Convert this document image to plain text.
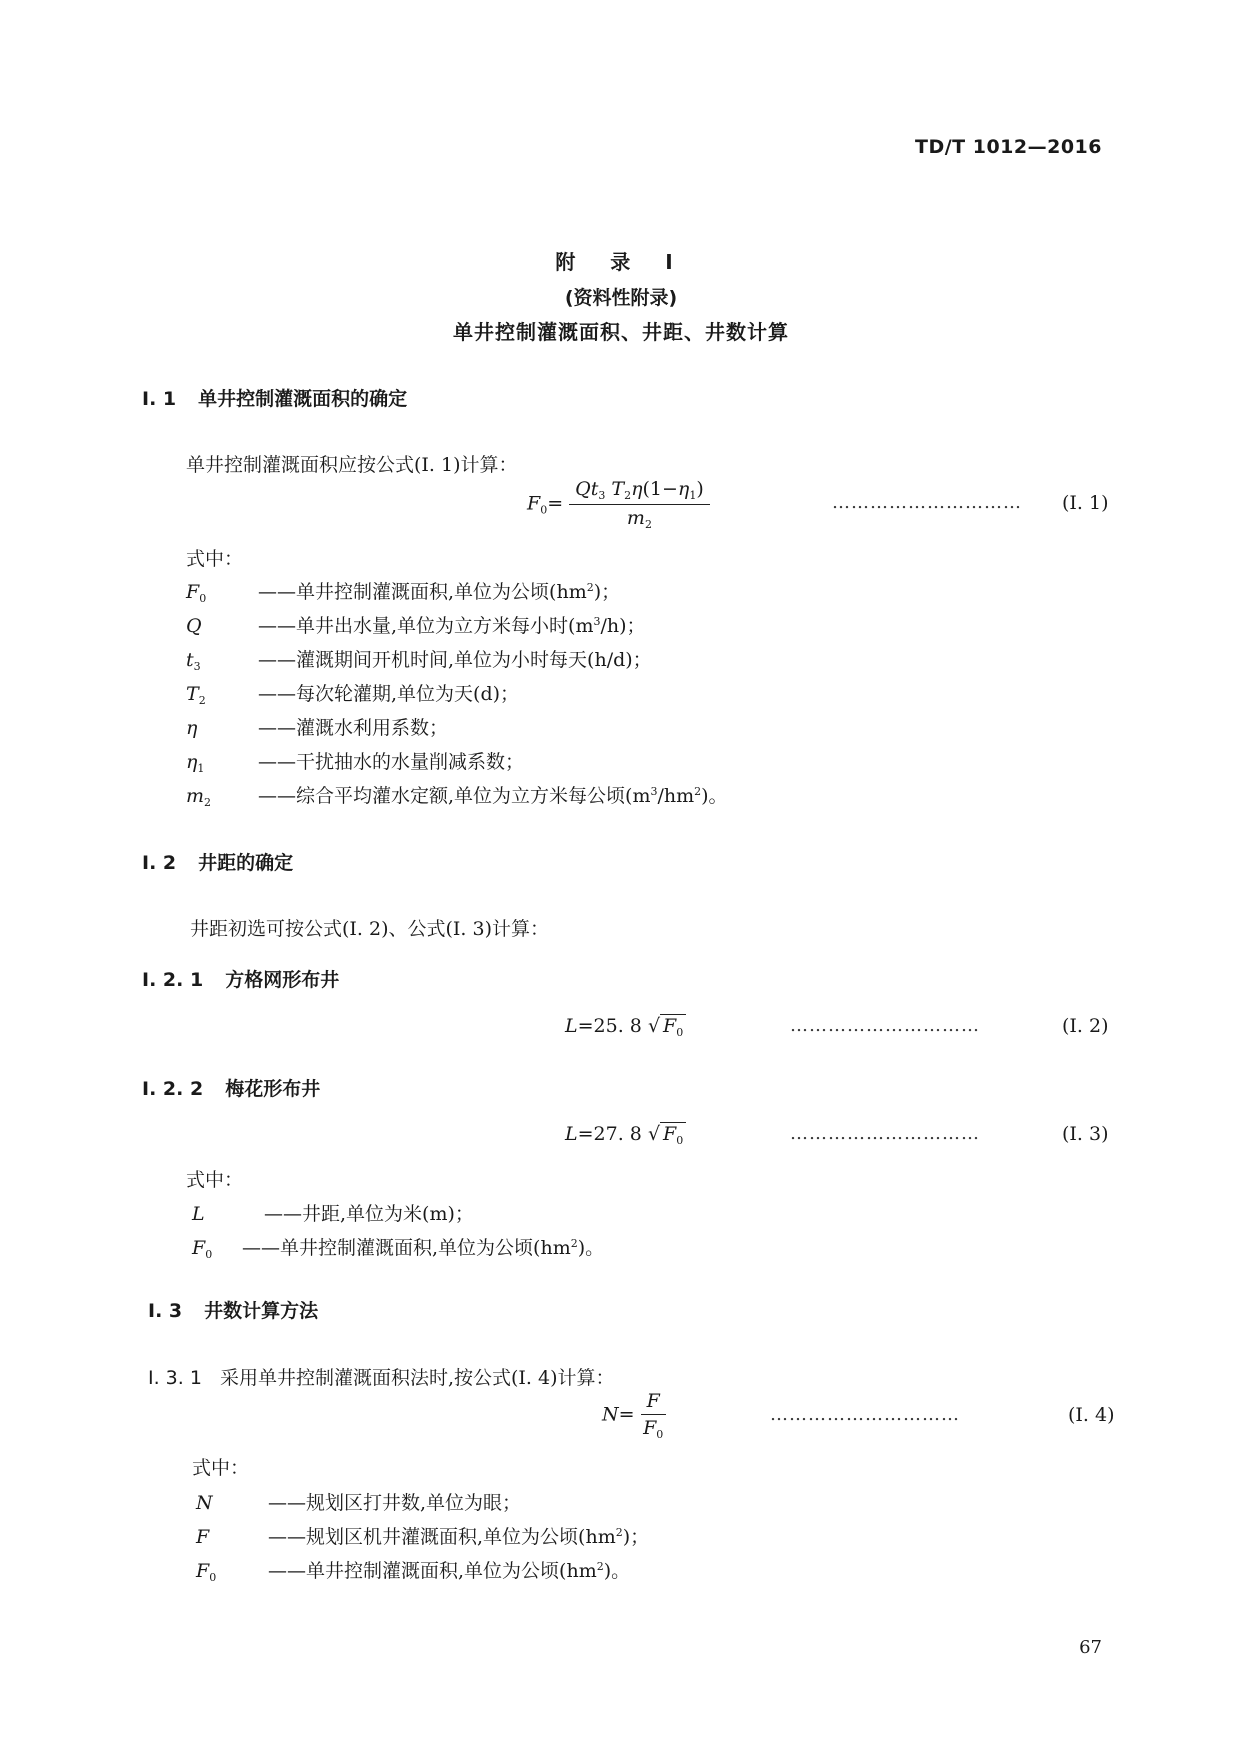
TD/T 1012—2016
附 录 I
(资料性附录)
单井控制灌溉面积、井距、井数计算
I. 1 单井控制灌溉面积的确定
单井控制灌溉面积应按公式(I. 1)计算：
$F_0= \frac{Qt_3 T_2\eta(1-\eta_1)}{m_2}$	………………………… (I. 1)
式中：
$F_0$	——单井控制灌溉面积,单位为公顷$(hm^2)$；
Q	——单井出水量,单位为立方米每小时$(m^3/h)$；
$t_3$	——灌溉期间开机时间,单位为小时每天(h/d)；
$T_2$	——每次轮灌期,单位为天(d)；
η	——灌溉水利用系数；
$\eta_1$	——干扰抽水的水量削减系数；
$m_2$ ——综合平均灌水定额,单位为立方米每公顷$(m^3/hm^2)$。
I. 2 井距的确定
井距初选可按公式(I. 2)、公式(I. 3)计算：
I. 2. 1 方格网形布井
L=25. 8 √ $F_0$	…………………………	(I. 2)
I. 2. 2 梅花形布井
L=27. 8 √ $F_0$	…………………………	(I. 3)
式中：
L	——井距,单位为米(m)；
$F_0$ ——单井控制灌溉面积,单位为公顷$(hm^2)$。
I. 3 井数计算方法
I. 3. 1 采用单井控制灌溉面积法时,按公式(I. 4)计算：
$N= \frac{F}{F_0}$	…………………………	(I. 4)
式中：
N	——规划区打井数,单位为眼；
F	——规划区机井灌溉面积,单位为公顷$(hm^2)$；
$F_0$	——单井控制灌溉面积,单位为公顷$(hm^2)$。
67
